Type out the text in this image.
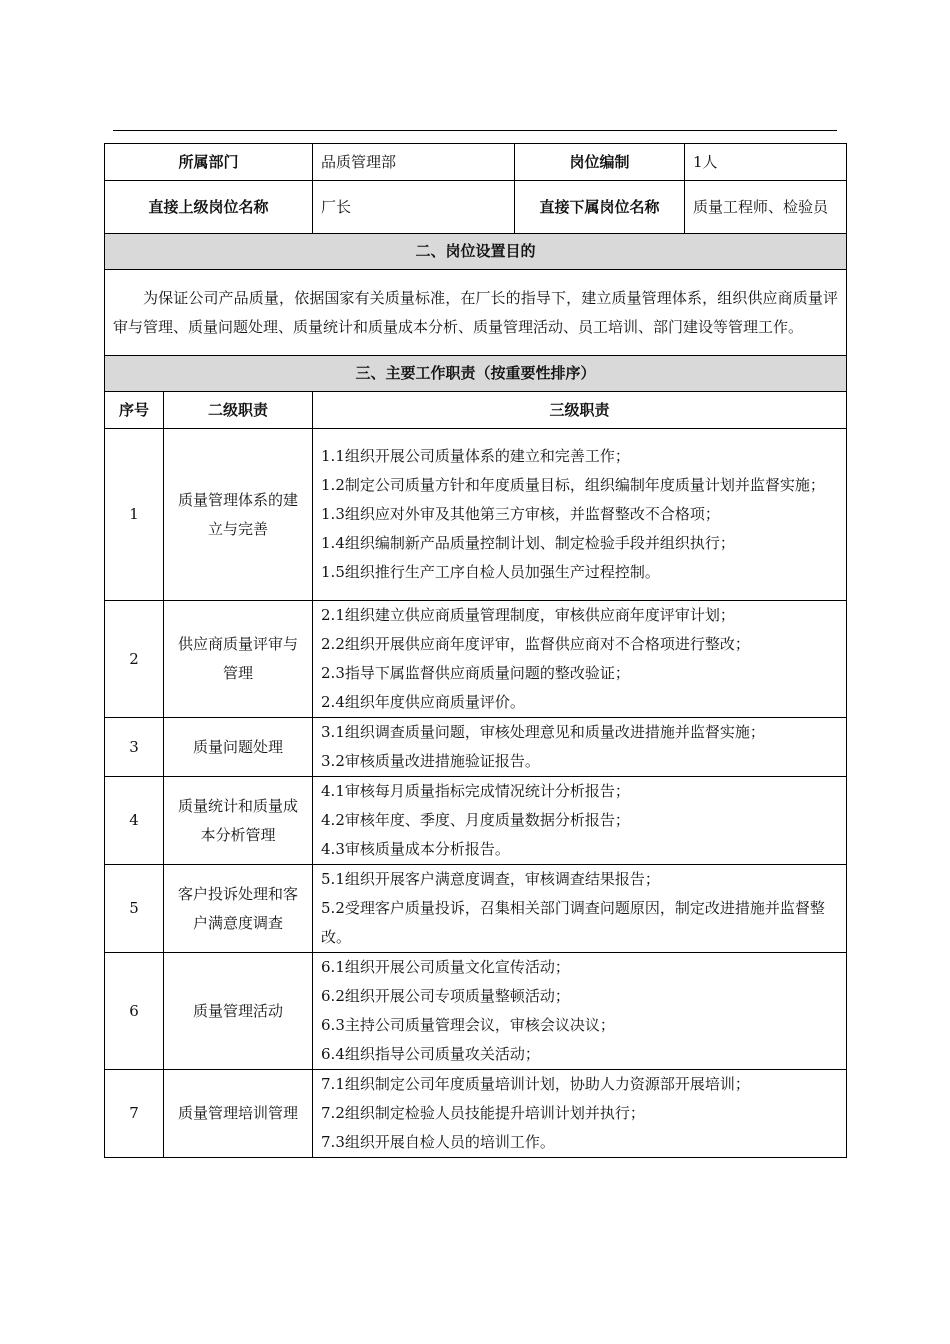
所属部门		品质管理部	岗位编制	1人
直接上级岗位名称		厂长	直接下属岗位名称	质量工程师、检验员
二、岗位设置目的				
为保证公司产品质量，依据国家有关质量标准，在厂长的指导下，建立质量管理体系，组织供应商质量评审与管理、质量问题处理、质量统计和质量成本分析、质量管理活动、员工培训、部门建设等管理工作。				
三、主要工作职责（按重要性排序）				
序号	二级职责	三级职责		
1	质量管理体系的建立与完善	1.1组织开展公司质量体系的建立和完善工作；
1.2制定公司质量方针和年度质量目标，组织编制年度质量计划并监督实施；
1.3组织应对外审及其他第三方审核，并监督整改不合格项；
1.4组织编制新产品质量控制计划、制定检验手段并组织执行；
1.5组织推行生产工序自检人员加强生产过程控制。		

2	供应商质量评审与管理	2.1组织建立供应商质量管理制度，审核供应商年度评审计划；
2.2组织开展供应商年度评审，监督供应商对不合格项进行整改；
2.3指导下属监督供应商质量问题的整改验证；
2.4组织年度供应商质量评价。		

3	质量问题处理	3.1组织调查质量问题，审核处理意见和质量改进措施并监督实施；
3.2审核质量改进措施验证报告。		

4	质量统计和质量成本分析管理	4.1审核每月质量指标完成情况统计分析报告；
4.2审核年度、季度、月度质量数据分析报告；
4.3审核质量成本分析报告。		

5	客户投诉处理和客户满意度调查	5.1组织开展客户满意度调查，审核调查结果报告；
5.2受理客户质量投诉，召集相关部门调查问题原因，制定改进措施并监督整改。		

6	质量管理活动	6.1组织开展公司质量文化宣传活动；
6.2组织开展公司专项质量整顿活动；
6.3主持公司质量管理会议，审核会议决议；
6.4组织指导公司质量攻关活动；		

7	质量管理培训管理	7.1组织制定公司年度质量培训计划，协助人力资源部开展培训；
7.2组织制定检验人员技能提升培训计划并执行；
7.3组织开展自检人员的培训工作。		
